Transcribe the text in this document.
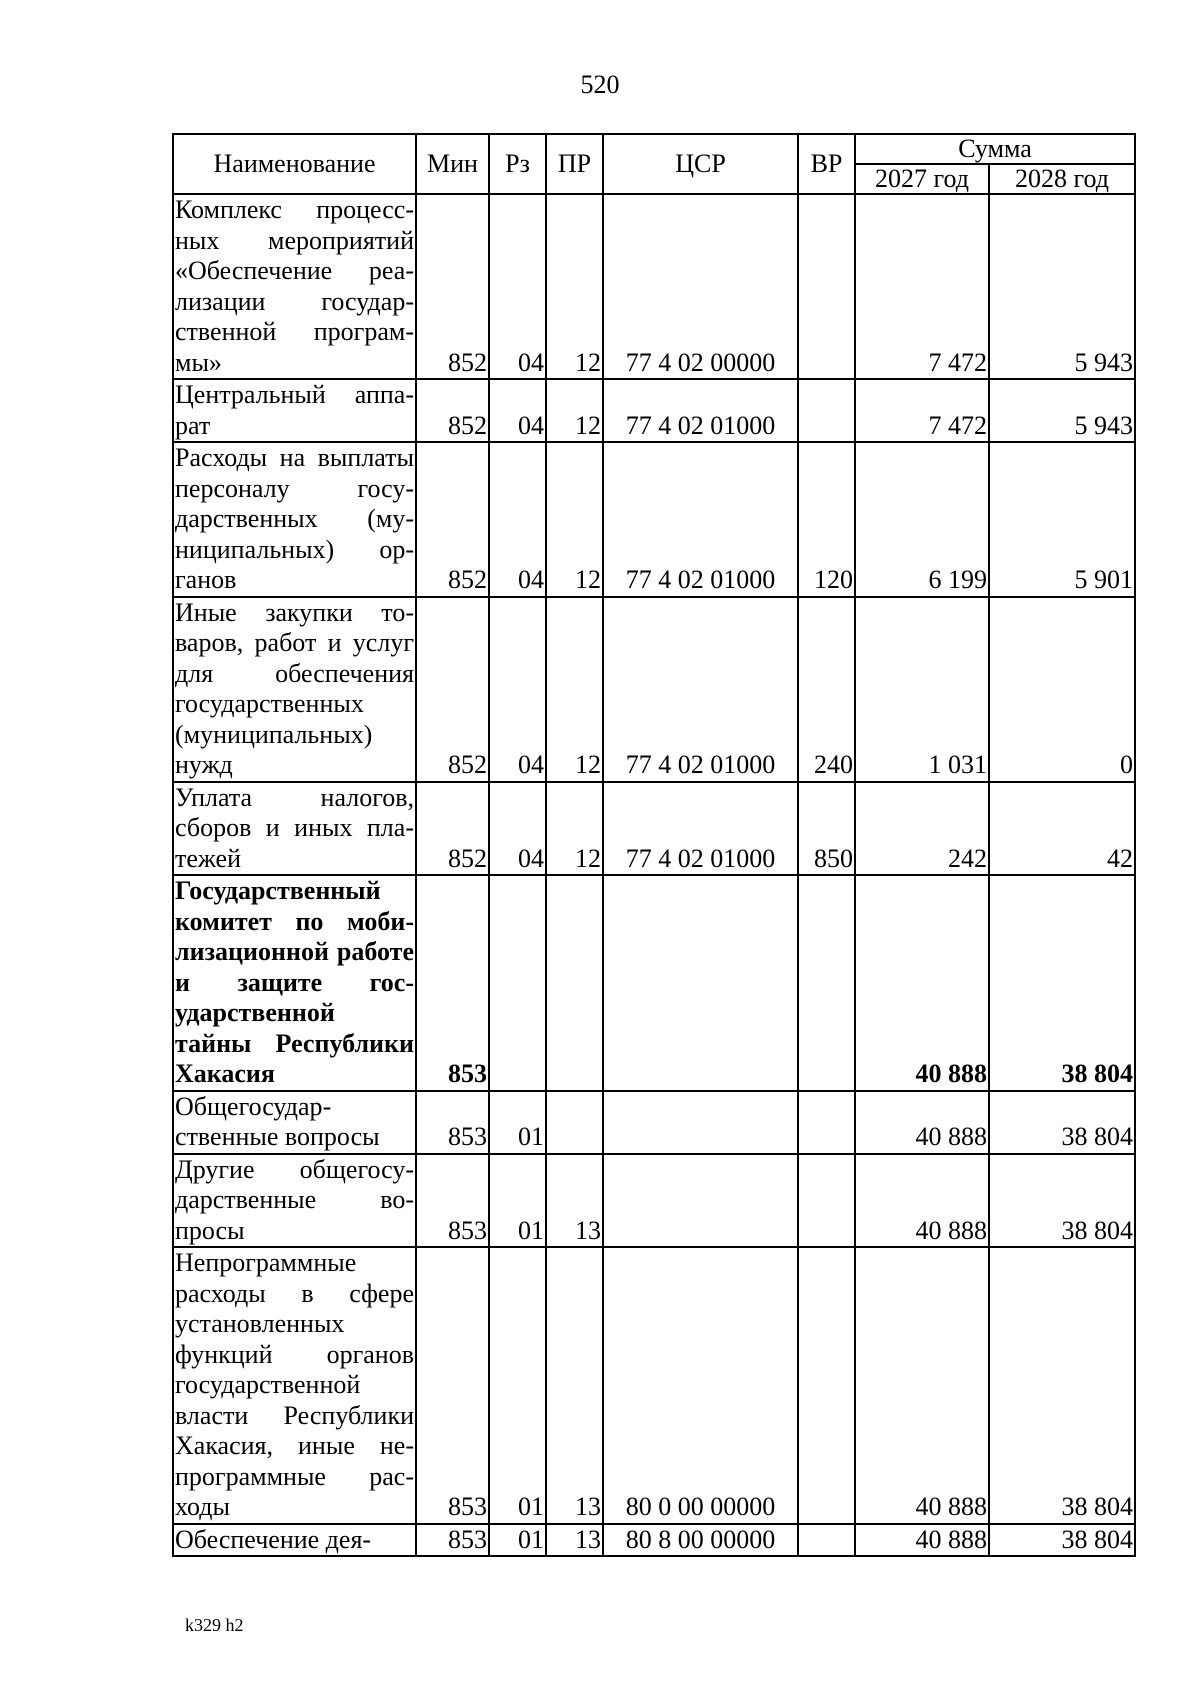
520
Наименование	Мин	Рз	ПР	ЦСР	ВР	Сумма	
						2027 год	2028 год
Комплекс процессных мероприятий «Обеспечение реализации государственной программы»	852	04	12	77 4 02 00000		7 472	5 943
Центральный аппарат	852	04	12	77 4 02 01000		7 472	5 943
Расходы на выплаты персоналу государственных (муниципальных) органов	852	04	12	77 4 02 01000	120	6 199	5 901
Иные закупки товаров, работ и услуг для обеспечения государственных (муниципальных) нужд	852	04	12	77 4 02 01000	240	1 031	0
Уплата налогов, сборов и иных платежей	852	04	12	77 4 02 01000	850	242	42
Государственный комитет по мобилизационной работе и защите государственной тайны Республики Хакасия	853					40 888	38 804
Общегосударственные вопросы	853	01				40 888	38 804
Другие общегосударственные вопросы	853	01	13			40 888	38 804
Непрограммные расходы в сфере установленных функций органов государственной власти Республики Хакасия, иные непрограммные расходы	853	01	13	80 0 00 00000		40 888	38 804
Обеспечение дея-	853	01	13	80 8 00 00000		40 888	38 804
k329 h2
